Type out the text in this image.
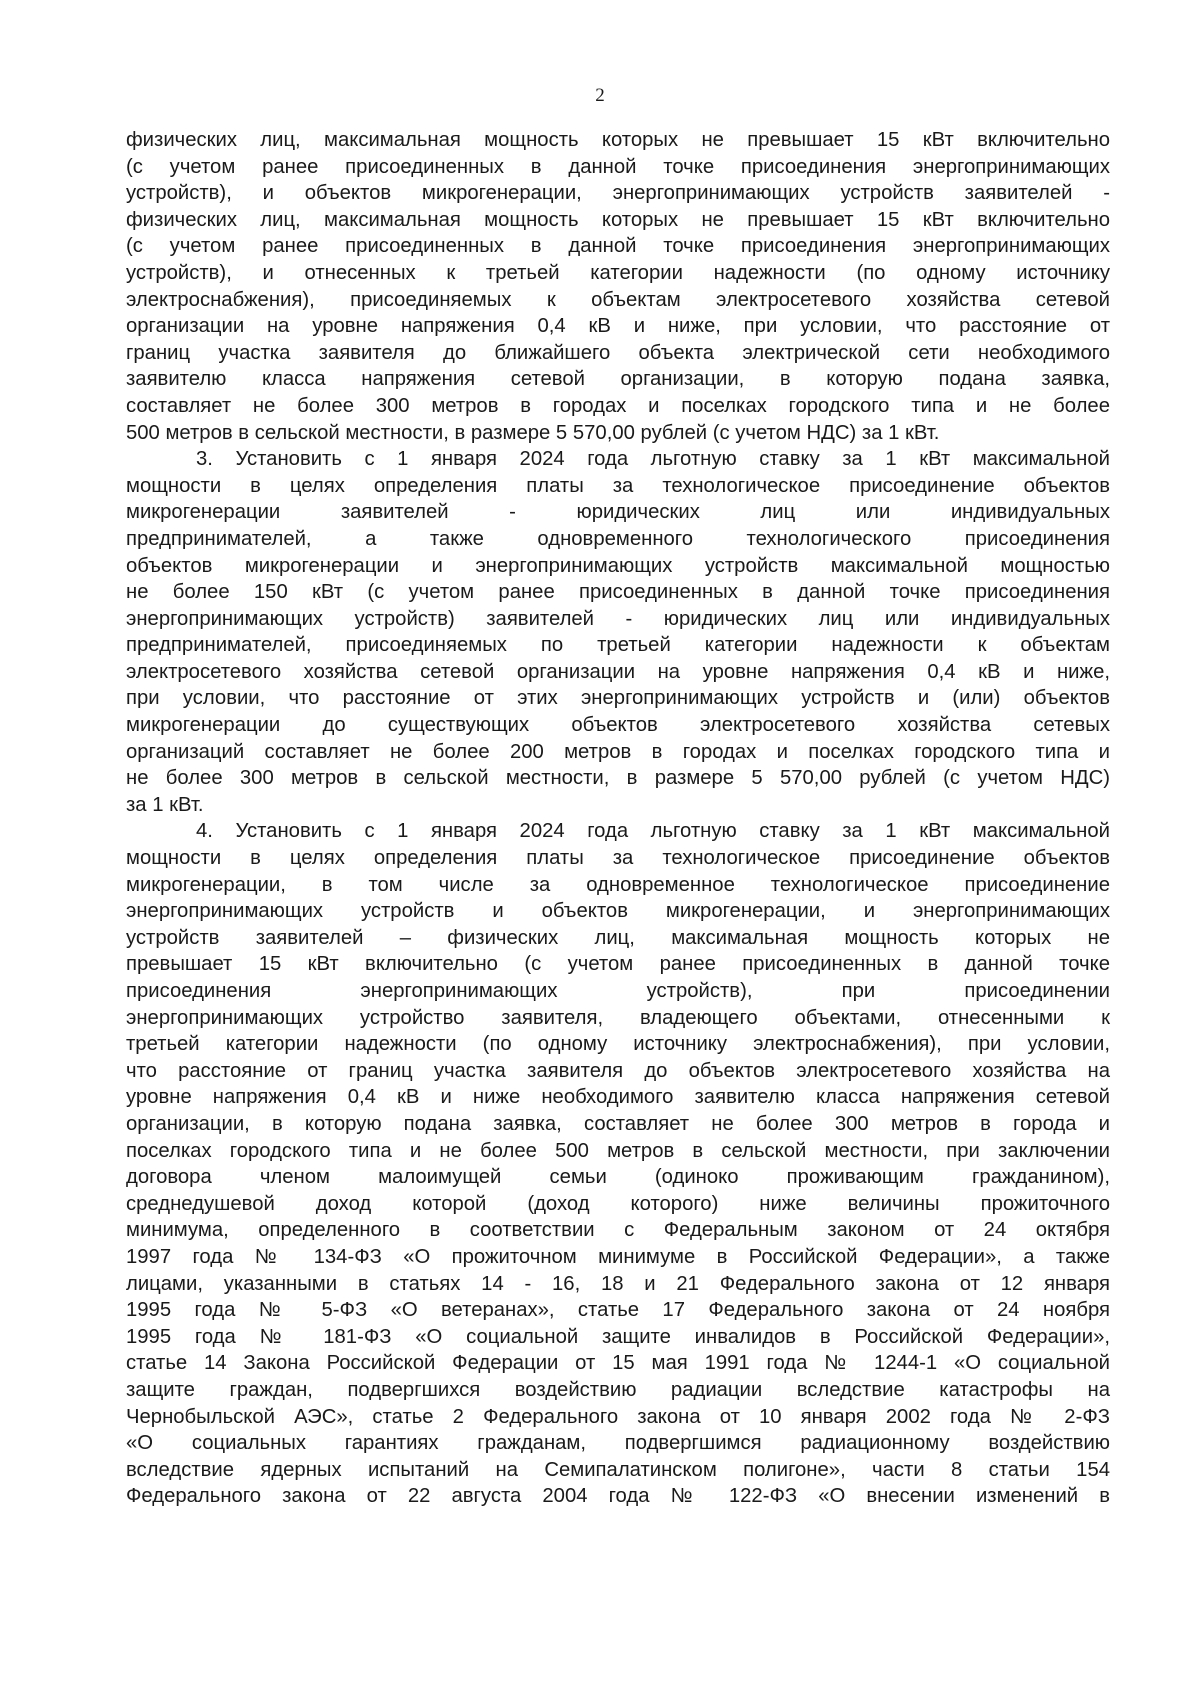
2

физических лиц, максимальная мощность которых не превышает 15 кВт включительно
(с учетом ранее присоединенных в данной точке присоединения энергопринимающих
устройств), и объектов микрогенерации, энергопринимающих устройств заявителей -
физических лиц, максимальная мощность которых не превышает 15 кВт включительно
(с учетом ранее присоединенных в данной точке присоединения энергопринимающих
устройств), и отнесенных к третьей категории надежности (по одному источнику
электроснабжения), присоединяемых к объектам электросетевого хозяйства сетевой
организации на уровне напряжения 0,4 кВ и ниже, при условии, что расстояние от
границ участка заявителя до ближайшего объекта электрической сети необходимого
заявителю класса напряжения сетевой организации, в которую подана заявка,
составляет не более 300 метров в городах и поселках городского типа и не более
500 метров в сельской местности, в размере 5 570,00 рублей (с учетом НДС) за 1 кВт.

3. Установить с 1 января 2024 года льготную ставку за 1 кВт максимальной
мощности в целях определения платы за технологическое присоединение объектов
микрогенерации заявителей - юридических лиц или индивидуальных
предпринимателей, а также одновременного технологического присоединения
объектов микрогенерации и энергопринимающих устройств максимальной мощностью
не более 150 кВт (с учетом ранее присоединенных в данной точке присоединения
энергопринимающих устройств) заявителей - юридических лиц или индивидуальных
предпринимателей, присоединяемых по третьей категории надежности к объектам
электросетевого хозяйства сетевой организации на уровне напряжения 0,4 кВ и ниже,
при условии, что расстояние от этих энергопринимающих устройств и (или) объектов
микрогенерации до существующих объектов электросетевого хозяйства сетевых
организаций составляет не более 200 метров в городах и поселках городского типа и
не более 300 метров в сельской местности, в размере 5 570,00 рублей (с учетом НДС)
за 1 кВт.

4. Установить с 1 января 2024 года льготную ставку за 1 кВт максимальной
мощности в целях определения платы за технологическое присоединение объектов
микрогенерации, в том числе за одновременное технологическое присоединение
энергопринимающих устройств и объектов микрогенерации, и энергопринимающих
устройств заявителей – физических лиц, максимальная мощность которых не
превышает 15 кВт включительно (с учетом ранее присоединенных в данной точке
присоединения энергопринимающих устройств), при присоединении
энергопринимающих устройство заявителя, владеющего объектами, отнесенными к
третьей категории надежности (по одному источнику электроснабжения), при условии,
что расстояние от границ участка заявителя до объектов электросетевого хозяйства на
уровне напряжения 0,4 кВ и ниже необходимого заявителю класса напряжения сетевой
организации, в которую подана заявка, составляет не более 300 метров в города и
поселках городского типа и не более 500 метров в сельской местности, при заключении
договора членом малоимущей семьи (одиноко проживающим гражданином),
среднедушевой доход которой (доход которого) ниже величины прожиточного
минимума, определенного в соответствии с Федеральным законом от 24 октября
1997 года № 134-ФЗ «О прожиточном минимуме в Российской Федерации», а также
лицами, указанными в статьях 14 - 16, 18 и 21 Федерального закона от 12 января
1995 года № 5-ФЗ «О ветеранах», статье 17 Федерального закона от 24 ноября
1995 года № 181-ФЗ «О социальной защите инвалидов в Российской Федерации»,
статье 14 Закона Российской Федерации от 15 мая 1991 года № 1244-1 «О социальной
защите граждан, подвергшихся воздействию радиации вследствие катастрофы на
Чернобыльской АЭС», статье 2 Федерального закона от 10 января 2002 года № 2-ФЗ
«О социальных гарантиях гражданам, подвергшимся радиационному воздействию
вследствие ядерных испытаний на Семипалатинском полигоне», части 8 статьи 154
Федерального закона от 22 августа 2004 года № 122-ФЗ «О внесении изменений в
